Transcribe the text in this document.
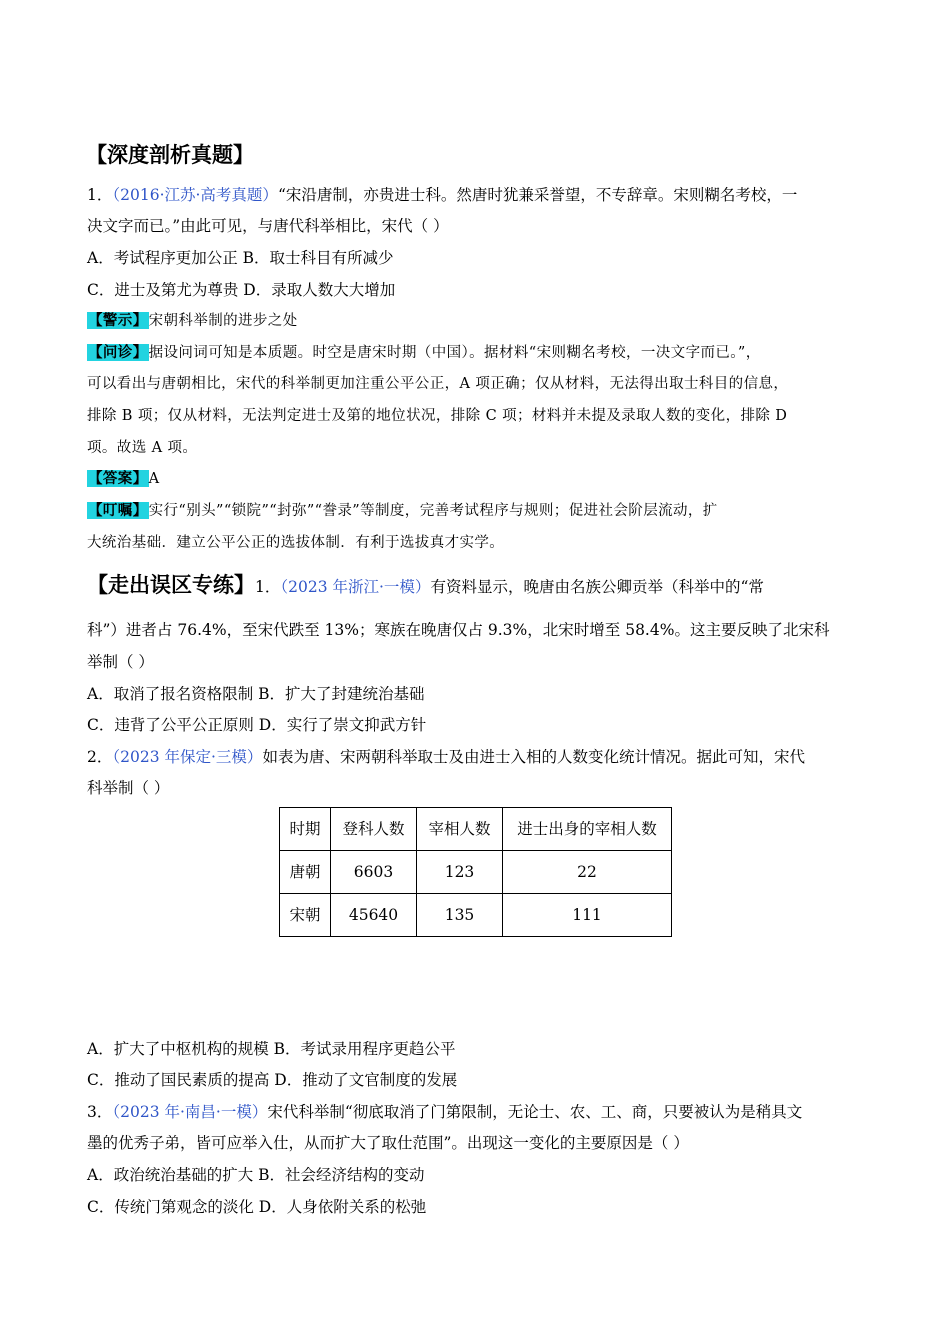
【深度剖析真题】
1．（2016·江苏·高考真题）“宋沿唐制，亦贵进士科。然唐时犹兼采誉望，不专辞章。宋则糊名考校，一
决文字而已。”由此可见，与唐代科举相比，宋代（ ）
A．考试程序更加公正 B．取士科目有所减少
C．进士及第尤为尊贵 D．录取人数大大增加
【警示】宋朝科举制的进步之处
【问诊】据设问词可知是本质题。时空是唐宋时期（中国）。据材料“宋则糊名考校，一决文字而已。”，
可以看出与唐朝相比，宋代的科举制更加注重公平公正，A 项正确；仅从材料，无法得出取士科目的信息，
排除 B 项；仅从材料，无法判定进士及第的地位状况，排除 C 项；材料并未提及录取人数的变化，排除 D
项。故选 A 项。
【答案】A
【叮嘱】实行“别头”“锁院”“封弥”“誊录”等制度，完善考试程序与规则；促进社会阶层流动，扩
大统治基础．建立公平公正的选拔体制．有利于选拔真才实学。
【走出误区专练】1．（2023 年浙江·一模）有资料显示，晚唐由名族公卿贡举（科举中的“常
科”）进者占 76.4%，至宋代跌至 13%；寒族在晚唐仅占 9.3%，北宋时增至 58.4%。这主要反映了北宋科
举制（ ）
A．取消了报名资格限制 B．扩大了封建统治基础
C．违背了公平公正原则 D．实行了崇文抑武方针
2．（2023 年保定·三模）如表为唐、宋两朝科举取士及由进士入相的人数变化统计情况。据此可知，宋代
科举制（ ）
时期	登科人数	宰相人数	进士出身的宰相人数
唐朝	6603	123	22
宋朝	45640	135	111
A．扩大了中枢机构的规模 B．考试录用程序更趋公平
C．推动了国民素质的提高 D．推动了文官制度的发展
3．（2023 年·南昌·一模）宋代科举制“彻底取消了门第限制，无论士、农、工、商，只要被认为是稍具文
墨的优秀子弟，皆可应举入仕，从而扩大了取仕范围”。出现这一变化的主要原因是（ ）
A．政治统治基础的扩大 B．社会经济结构的变动
C．传统门第观念的淡化 D．人身依附关系的松弛
